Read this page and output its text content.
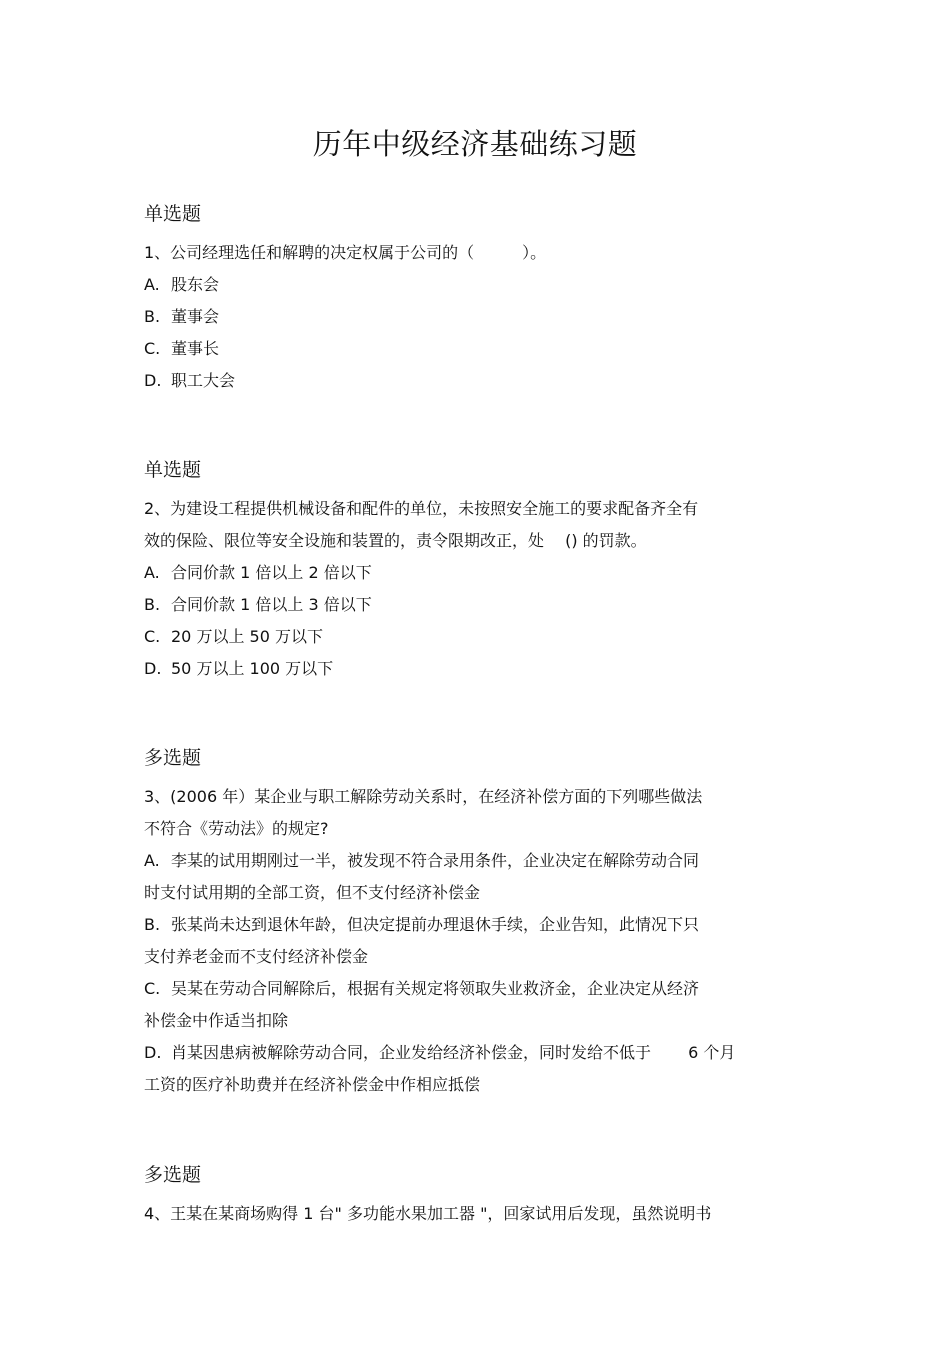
历年中级经济基础练习题
单选题
1、公司经理选任和解聘的决定权属于公司的（　　　）。
A. 股东会
B. 董事会
C. 董事长
D. 职工大会
单选题
2、为建设工程提供机械设备和配件的单位，未按照安全施工的要求配备齐全有
效的保险、限位等安全设施和装置的，责令限期改正，处　 () 的罚款。
A. 合同价款 1 倍以上 2 倍以下
B. 合同价款 1 倍以上 3 倍以下
C. 20 万以上 50 万以下
D. 50 万以上 100 万以下
多选题
3、(2006 年）某企业与职工解除劳动关系时，在经济补偿方面的下列哪些做法
不符合《劳动法》的规定?
A. 李某的试用期刚过一半，被发现不符合录用条件，企业决定在解除劳动合同
时支付试用期的全部工资，但不支付经济补偿金
B. 张某尚未达到退休年龄，但决定提前办理退休手续，企业告知，此情况下只
支付养老金而不支付经济补偿金
C. 吴某在劳动合同解除后，根据有关规定将领取失业救济金，企业决定从经济
补偿金中作适当扣除
D. 肖某因患病被解除劳动合同，企业发给经济补偿金，同时发给不低于　　 6 个月
工资的医疗补助费并在经济补偿金中作相应抵偿
多选题
4、王某在某商场购得 1 台" 多功能水果加工器 "，回家试用后发现，虽然说明书
